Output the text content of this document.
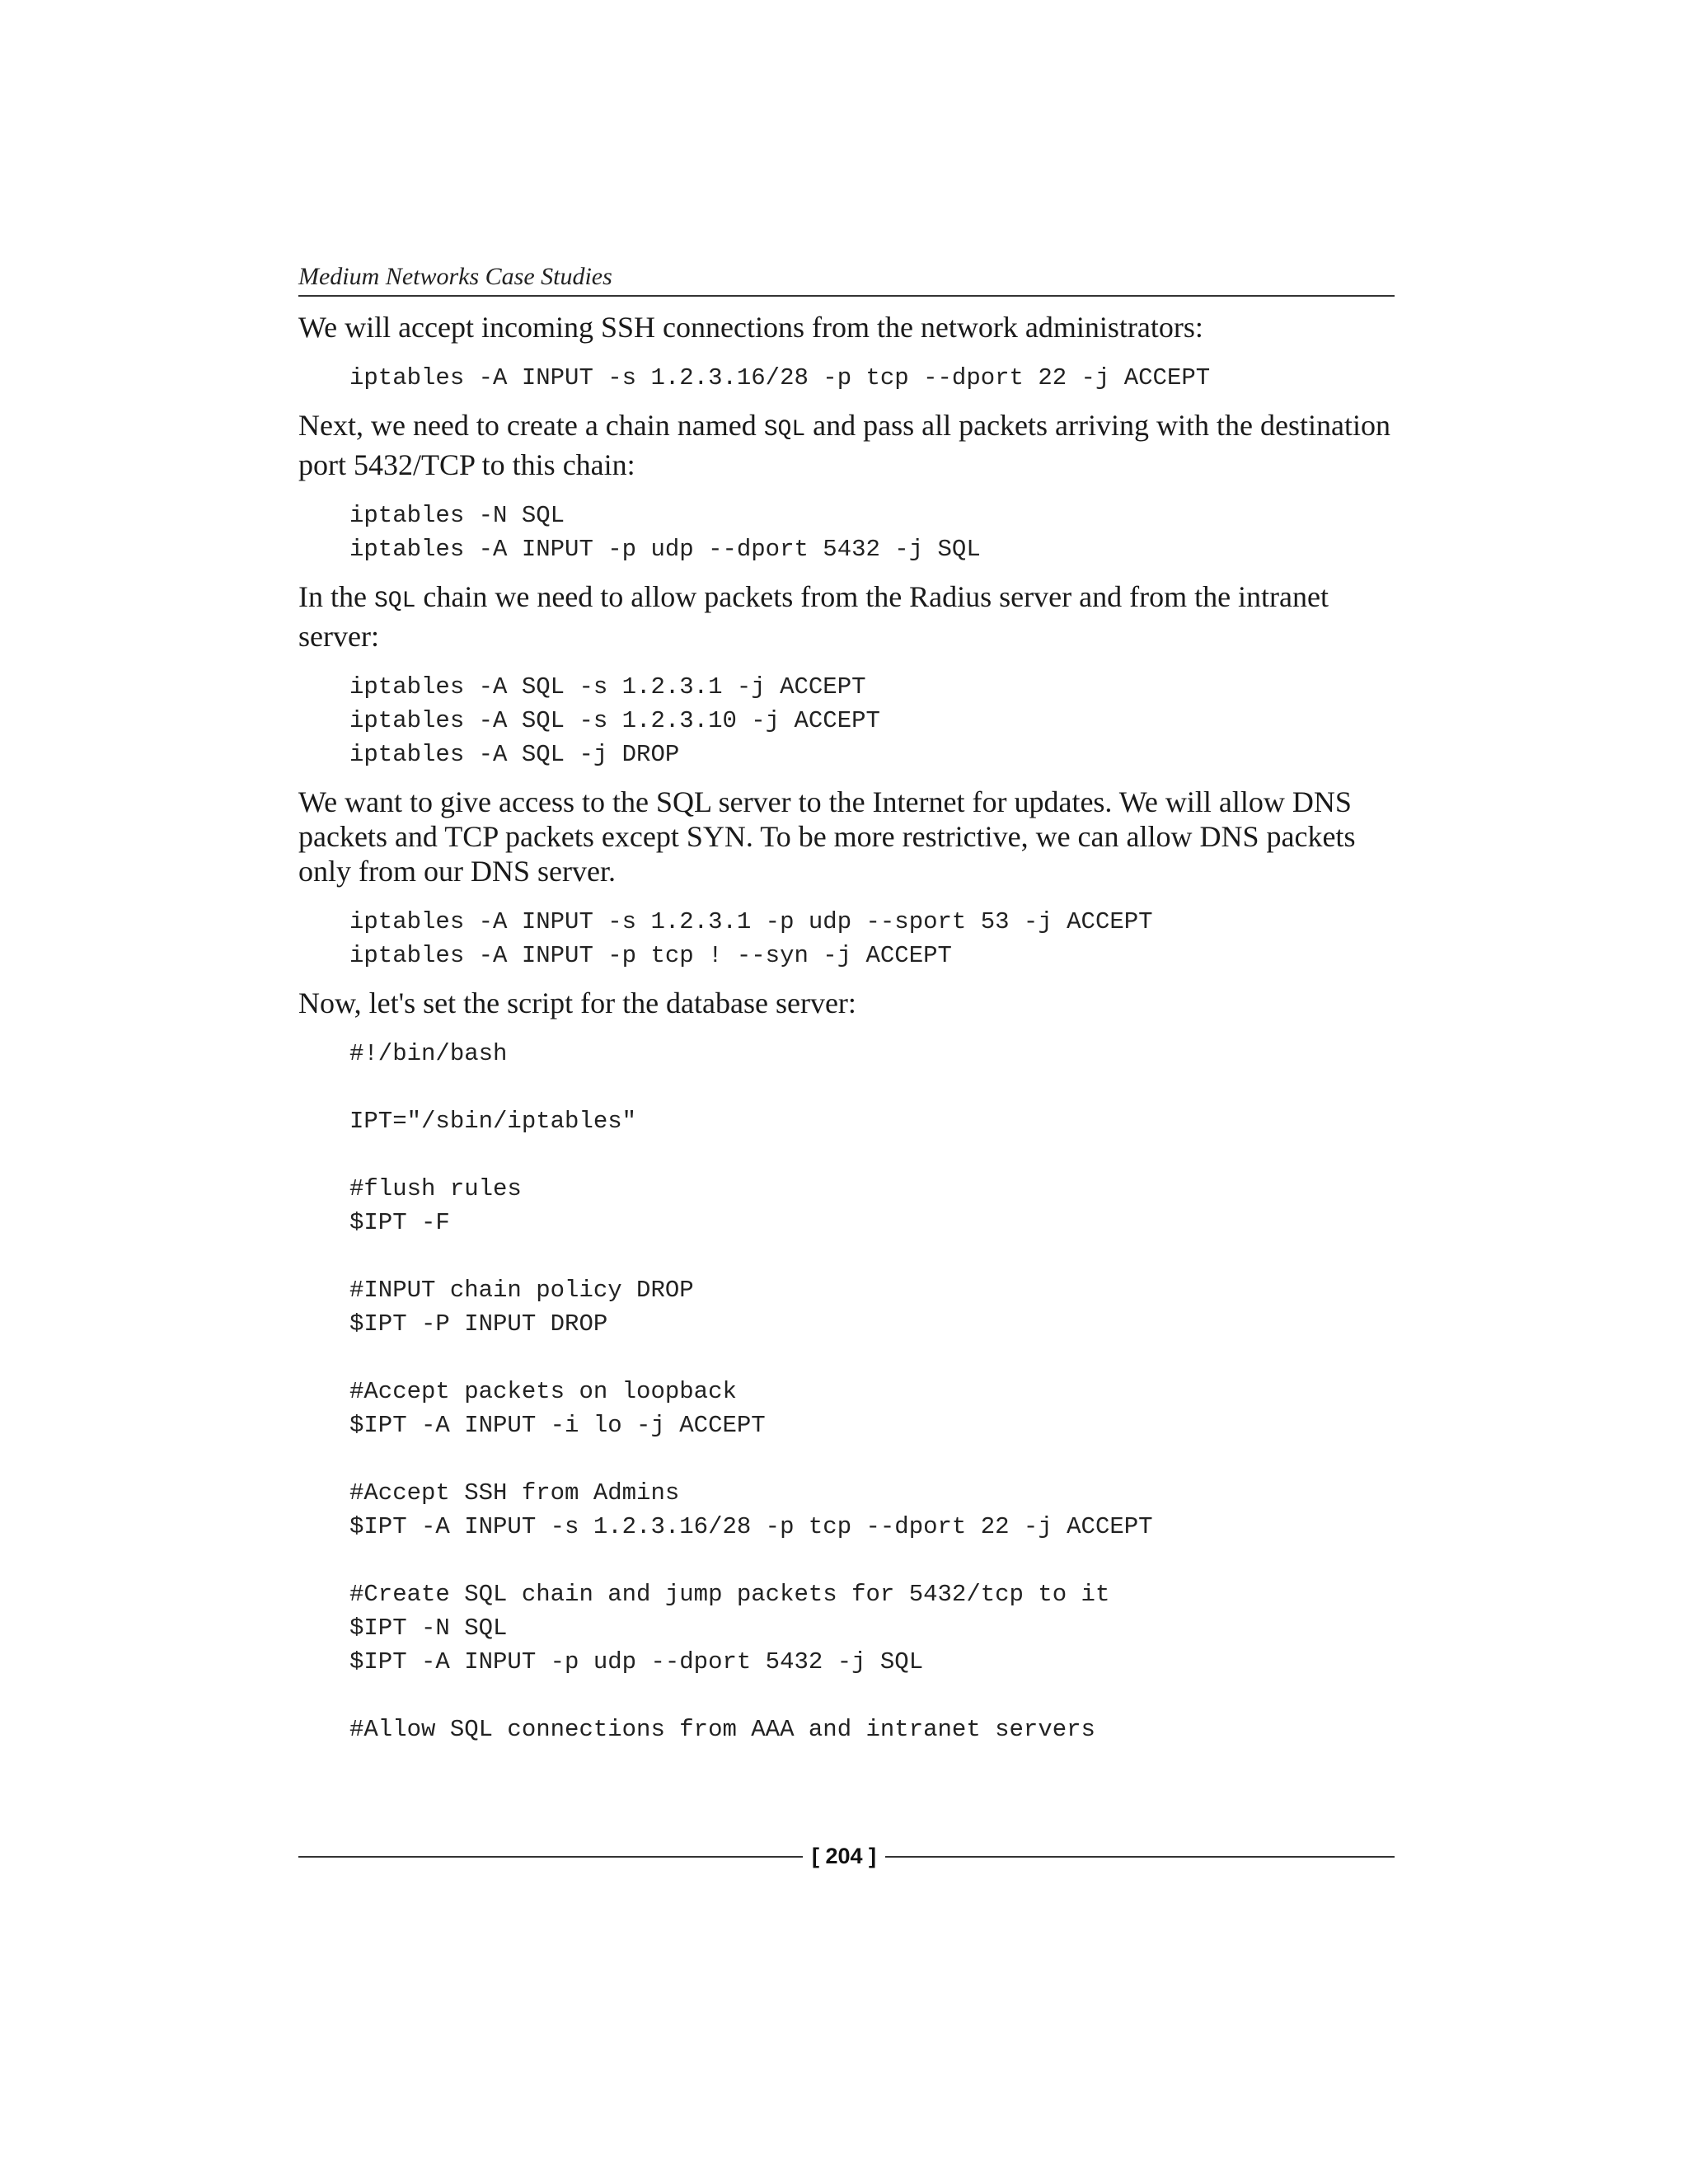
Medium Networks Case Studies

We will accept incoming SSH connections from the network administrators:

iptables -A INPUT -s 1.2.3.16/28 -p tcp --dport 22 -j ACCEPT

Next, we need to create a chain named SQL and pass all packets arriving with the destination port 5432/TCP to this chain:

iptables -N SQL
iptables -A INPUT -p udp --dport 5432 -j SQL

In the SQL chain we need to allow packets from the Radius server and from the intranet server:

iptables -A SQL -s 1.2.3.1 -j ACCEPT
iptables -A SQL -s 1.2.3.10 -j ACCEPT
iptables -A SQL -j DROP

We want to give access to the SQL server to the Internet for updates. We will allow DNS packets and TCP packets except SYN. To be more restrictive, we can allow DNS packets only from our DNS server.

iptables -A INPUT -s 1.2.3.1 -p udp --sport 53 -j ACCEPT
iptables -A INPUT -p tcp ! --syn -j ACCEPT

Now, let's set the script for the database server:

#!/bin/bash
IPT="/sbin/iptables"
#flush rules
$IPT -F
#INPUT chain policy DROP
$IPT -P INPUT DROP
#Accept packets on loopback
$IPT -A INPUT -i lo -j ACCEPT
#Accept SSH from Admins
$IPT -A INPUT -s 1.2.3.16/28 -p tcp --dport 22 -j ACCEPT
#Create SQL chain and jump packets for 5432/tcp to it
$IPT -N SQL
$IPT -A INPUT -p udp --dport 5432 -j SQL
#Allow SQL connections from AAA and intranet servers
[ 204 ]
